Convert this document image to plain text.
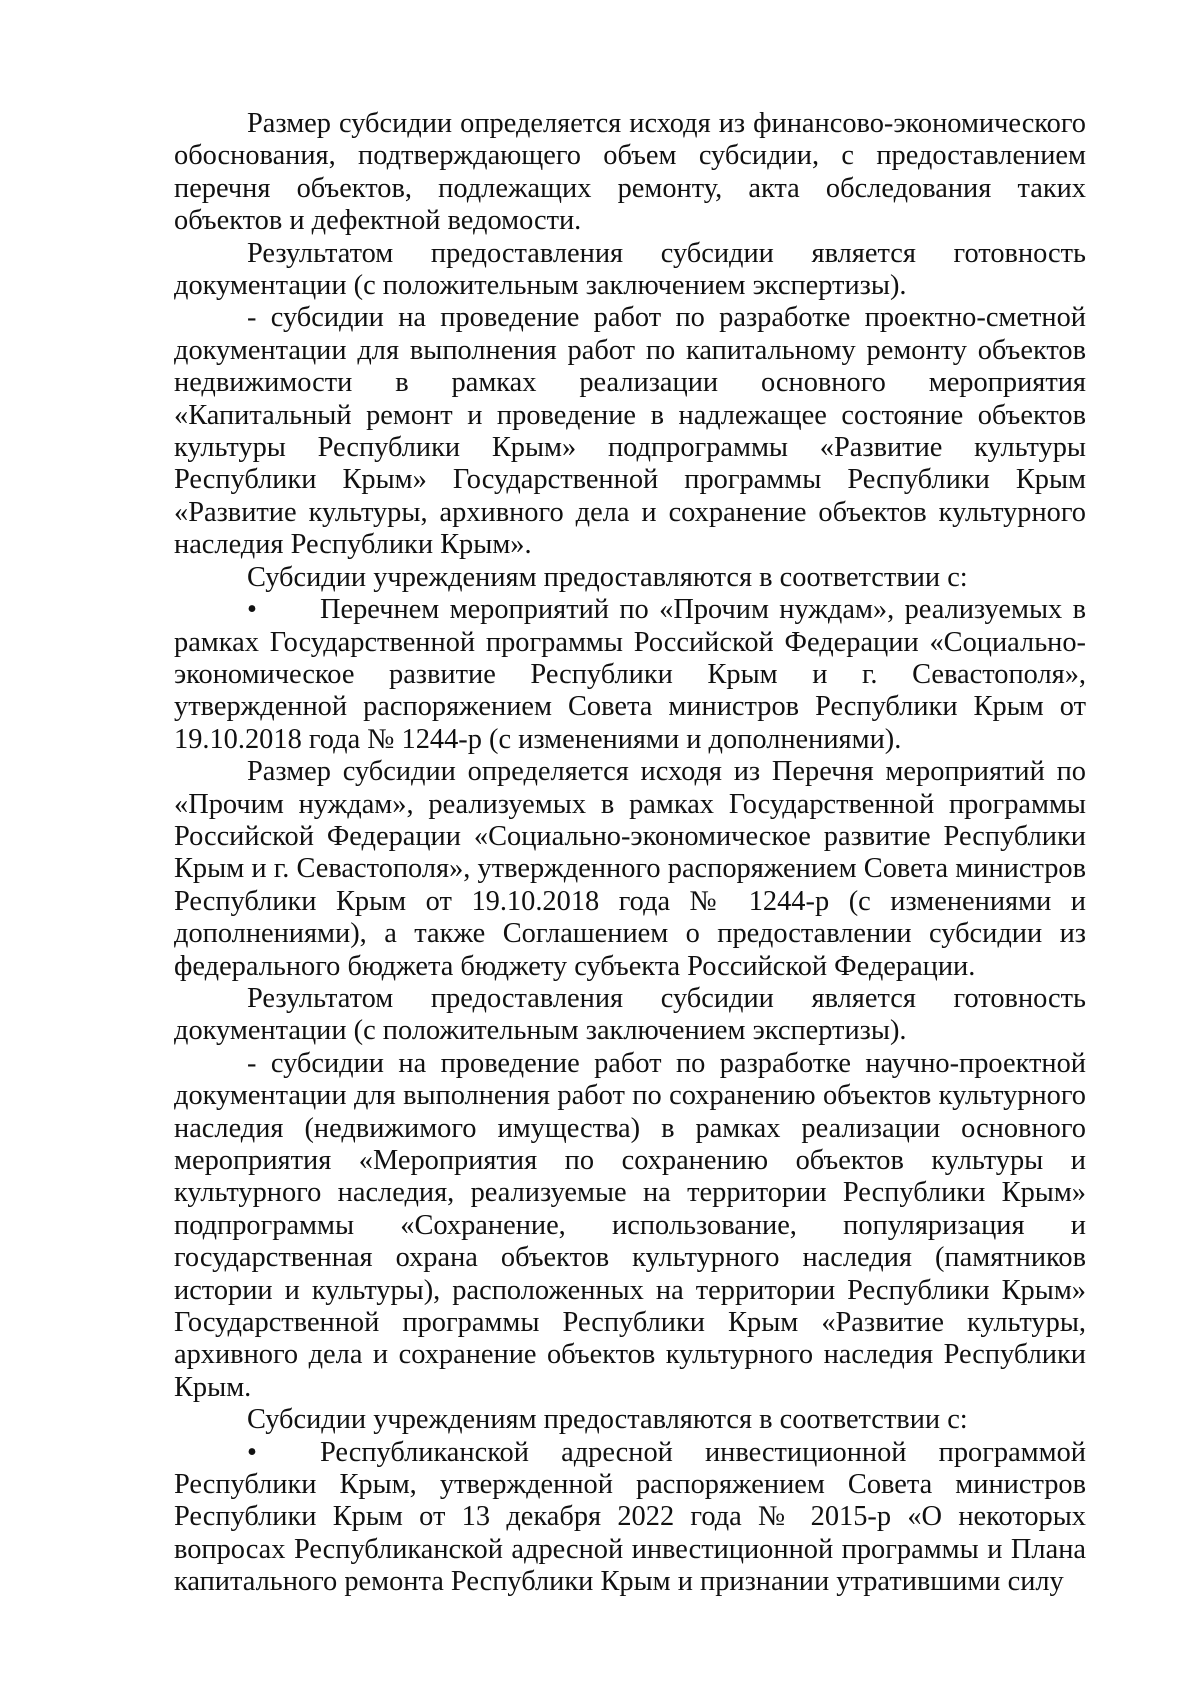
Размер субсидии определяется исходя из финансово-экономического обоснования, подтверждающего объем субсидии, с предоставлением перечня объектов, подлежащих ремонту, акта обследования таких объектов и дефектной ведомости.

Результатом предоставления субсидии является готовность документации (с положительным заключением экспертизы).

- субсидии на проведение работ по разработке проектно-сметной документации для выполнения работ по капитальному ремонту объектов недвижимости в рамках реализации основного мероприятия «Капитальный ремонт и проведение в надлежащее состояние объектов культуры Республики Крым» подпрограммы «Развитие культуры Республики Крым» Государственной программы Республики Крым «Развитие культуры, архивного дела и сохранение объектов культурного наследия Республики Крым».

Субсидии учреждениям предоставляются в соответствии с:

• Перечнем мероприятий по «Прочим нуждам», реализуемых в рамках Государственной программы Российской Федерации «Социально-экономическое развитие Республики Крым и г. Севастополя», утвержденной распоряжением Совета министров Республики Крым от 19.10.2018 года № 1244-р (с изменениями и дополнениями).

Размер субсидии определяется исходя из Перечня мероприятий по «Прочим нуждам», реализуемых в рамках Государственной программы Российской Федерации «Социально-экономическое развитие Республики Крым и г. Севастополя», утвержденного распоряжением Совета министров Республики Крым от 19.10.2018 года № 1244-р (с изменениями и дополнениями), а также Соглашением о предоставлении субсидии из федерального бюджета бюджету субъекта Российской Федерации.

Результатом предоставления субсидии является готовность документации (с положительным заключением экспертизы).

- субсидии на проведение работ по разработке научно-проектной документации для выполнения работ по сохранению объектов культурного наследия (недвижимого имущества) в рамках реализации основного мероприятия «Мероприятия по сохранению объектов культуры и культурного наследия, реализуемые на территории Республики Крым» подпрограммы «Сохранение, использование, популяризация и государственная охрана объектов культурного наследия (памятников истории и культуры), расположенных на территории Республики Крым» Государственной программы Республики Крым «Развитие культуры, архивного дела и сохранение объектов культурного наследия Республики Крым.

Субсидии учреждениям предоставляются в соответствии с:

• Республиканской адресной инвестиционной программой Республики Крым, утвержденной распоряжением Совета министров Республики Крым от 13 декабря 2022 года № 2015-р «О некоторых вопросах Республиканской адресной инвестиционной программы и Плана капитального ремонта Республики Крым и признании утратившими силу
